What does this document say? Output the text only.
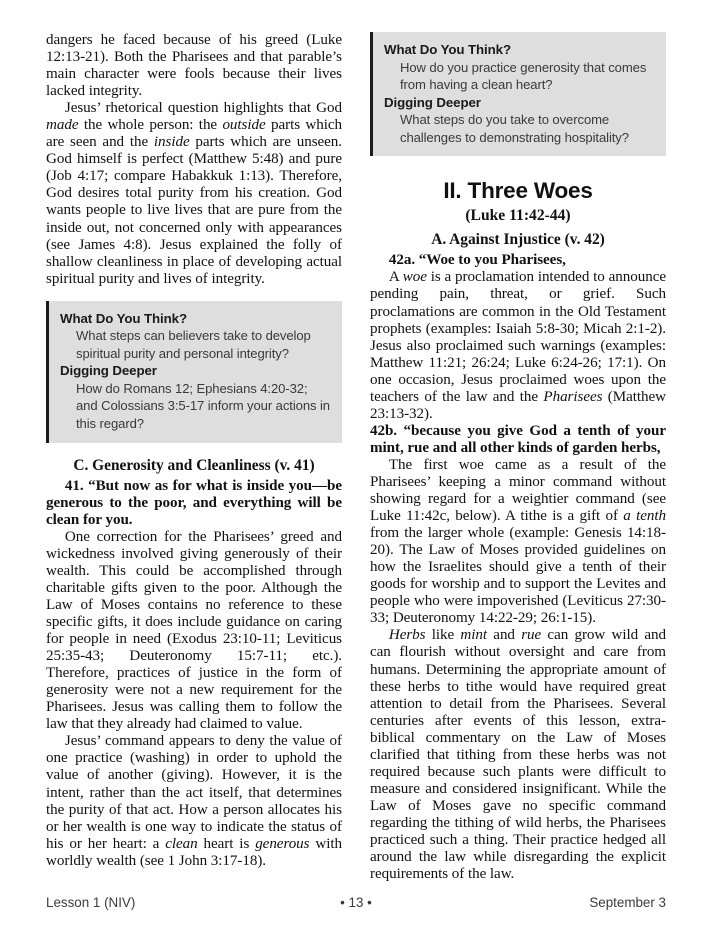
dangers he faced because of his greed (Luke 12:13-21). Both the Pharisees and that parable’s main character were fools because their lives lacked integrity.

Jesus’ rhetorical question highlights that God made the whole person: the outside parts which are seen and the inside parts which are unseen. God himself is perfect (Matthew 5:48) and pure (Job 4:17; compare Habakkuk 1:13). Therefore, God desires total purity from his creation. God wants people to live lives that are pure from the inside out, not concerned only with appearances (see James 4:8). Jesus explained the folly of shallow cleanliness in place of developing actual spiritual purity and lives of integrity.

What Do You Think?
What steps can believers take to develop spiritual purity and personal integrity?
Digging Deeper
How do Romans 12; Ephesians 4:20-32; and Colossians 3:5-17 inform your actions in this regard?

C. Generosity and Cleanliness (v. 41)

41. “But now as for what is inside you—be generous to the poor, and everything will be clean for you.

One correction for the Pharisees’ greed and wickedness involved giving generously of their wealth. This could be accomplished through charitable gifts given to the poor. Although the Law of Moses contains no reference to these specific gifts, it does include guidance on caring for people in need (Exodus 23:10-11; Leviticus 25:35-43; Deuteronomy 15:7-11; etc.). Therefore, practices of justice in the form of generosity were not a new requirement for the Pharisees. Jesus was calling them to follow the law that they already had claimed to value.

Jesus’ command appears to deny the value of one practice (washing) in order to uphold the value of another (giving). However, it is the intent, rather than the act itself, that determines the purity of that act. How a person allocates his or her wealth is one way to indicate the status of his or her heart: a clean heart is generous with worldly wealth (see 1 John 3:17-18).

What Do You Think?
How do you practice generosity that comes from having a clean heart?
Digging Deeper
What steps do you take to overcome challenges to demonstrating hospitality?

II. Three Woes

(Luke 11:42-44)

A. Against Injustice (v. 42)

42a. “Woe to you Pharisees,

A woe is a proclamation intended to announce pending pain, threat, or grief. Such proclamations are common in the Old Testament prophets (examples: Isaiah 5:8-30; Micah 2:1-2). Jesus also proclaimed such warnings (examples: Matthew 11:21; 26:24; Luke 6:24-26; 17:1). On one occasion, Jesus proclaimed woes upon the teachers of the law and the Pharisees (Matthew 23:13-32).

42b. “because you give God a tenth of your mint, rue and all other kinds of garden herbs,

The first woe came as a result of the Pharisees’ keeping a minor command without showing regard for a weightier command (see Luke 11:42c, below). A tithe is a gift of a tenth from the larger whole (example: Genesis 14:18-20). The Law of Moses provided guidelines on how the Israelites should give a tenth of their goods for worship and to support the Levites and people who were impoverished (Leviticus 27:30-33; Deuteronomy 14:22-29; 26:1-15).

Herbs like mint and rue can grow wild and can flourish without oversight and care from humans. Determining the appropriate amount of these herbs to tithe would have required great attention to detail from the Pharisees. Several centuries after events of this lesson, extra-biblical commentary on the Law of Moses clarified that tithing from these herbs was not required because such plants were difficult to measure and considered insignificant. While the Law of Moses gave no specific command regarding the tithing of wild herbs, the Pharisees practiced such a thing. Their practice hedged all around the law while disregarding the explicit requirements of the law.

Lesson 1 (NIV)	• 13 •	September 3
